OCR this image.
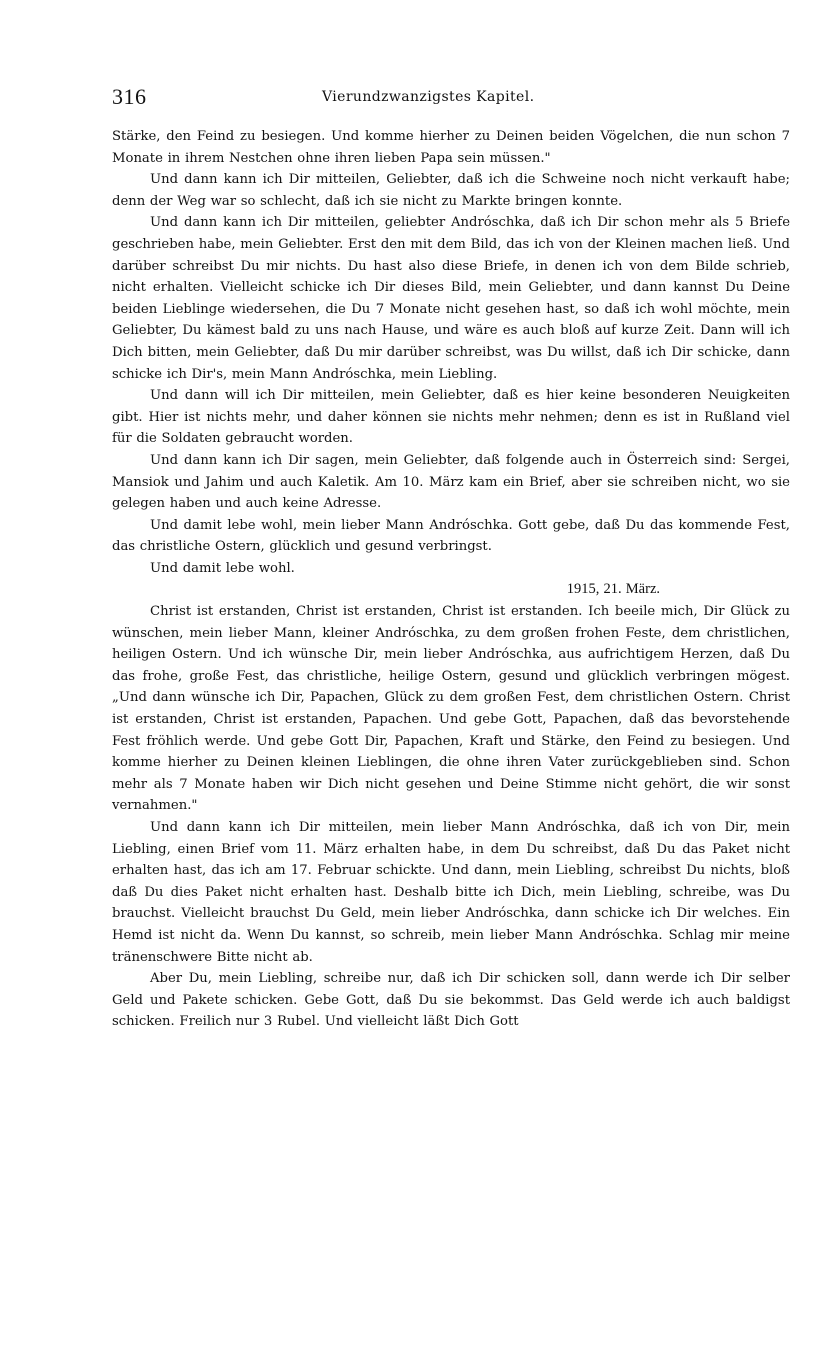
316	Vierundzwanzigstes Kapitel.

Stärke, den Feind zu besiegen. Und komme hierher zu Deinen beiden Vögelchen, die nun schon 7 Monate in ihrem Nestchen ohne ihren lieben Papa sein müssen."

Und dann kann ich Dir mitteilen, Geliebter, daß ich die Schweine noch nicht verkauft habe; denn der Weg war so schlecht, daß ich sie nicht zu Markte bringen konnte.

Und dann kann ich Dir mitteilen, geliebter Andróschka, daß ich Dir schon mehr als 5 Briefe geschrieben habe, mein Geliebter. Erst den mit dem Bild, das ich von der Kleinen machen ließ. Und darüber schreibst Du mir nichts. Du hast also diese Briefe, in denen ich von dem Bilde schrieb, nicht erhalten. Vielleicht schicke ich Dir dieses Bild, mein Geliebter, und dann kannst Du Deine beiden Lieblinge wiedersehen, die Du 7 Monate nicht gesehen hast, so daß ich wohl möchte, mein Geliebter, Du kämest bald zu uns nach Hause, und wäre es auch bloß auf kurze Zeit. Dann will ich Dich bitten, mein Geliebter, daß Du mir darüber schreibst, was Du willst, daß ich Dir schicke, dann schicke ich Dir's, mein Mann Andróschka, mein Liebling.

Und dann will ich Dir mitteilen, mein Geliebter, daß es hier keine besonderen Neuigkeiten gibt. Hier ist nichts mehr, und daher können sie nichts mehr nehmen; denn es ist in Rußland viel für die Soldaten gebraucht worden.

Und dann kann ich Dir sagen, mein Geliebter, daß folgende auch in Österreich sind: Sergei, Mansiok und Jahim und auch Kaletik. Am 10. März kam ein Brief, aber sie schreiben nicht, wo sie gelegen haben und auch keine Adresse.

Und damit lebe wohl, mein lieber Mann Andróschka. Gott gebe, daß Du das kommende Fest, das christliche Ostern, glücklich und gesund verbringst.

Und damit lebe wohl.

1915, 21. März.

Christ ist erstanden, Christ ist erstanden, Christ ist erstanden. Ich beeile mich, Dir Glück zu wünschen, mein lieber Mann, kleiner Andróschka, zu dem großen frohen Feste, dem christlichen, heiligen Ostern. Und ich wünsche Dir, mein lieber Andróschka, aus aufrichtigem Herzen, daß Du das frohe, große Fest, das christliche, heilige Ostern, gesund und glücklich verbringen mögest. „Und dann wünsche ich Dir, Papachen, Glück zu dem großen Fest, dem christlichen Ostern. Christ ist erstanden, Christ ist erstanden, Papachen. Und gebe Gott, Papachen, daß das bevorstehende Fest fröhlich werde. Und gebe Gott Dir, Papachen, Kraft und Stärke, den Feind zu besiegen. Und komme hierher zu Deinen kleinen Lieblingen, die ohne ihren Vater zurückgeblieben sind. Schon mehr als 7 Monate haben wir Dich nicht gesehen und Deine Stimme nicht gehört, die wir sonst vernahmen."

Und dann kann ich Dir mitteilen, mein lieber Mann Andróschka, daß ich von Dir, mein Liebling, einen Brief vom 11. März erhalten habe, in dem Du schreibst, daß Du das Paket nicht erhalten hast, das ich am 17. Februar schickte. Und dann, mein Liebling, schreibst Du nichts, bloß daß Du dies Paket nicht erhalten hast. Deshalb bitte ich Dich, mein Liebling, schreibe, was Du brauchst. Vielleicht brauchst Du Geld, mein lieber Andróschka, dann schicke ich Dir welches. Ein Hemd ist nicht da. Wenn Du kannst, so schreib, mein lieber Mann Andróschka. Schlag mir meine tränenschwere Bitte nicht ab.

Aber Du, mein Liebling, schreibe nur, daß ich Dir schicken soll, dann werde ich Dir selber Geld und Pakete schicken. Gebe Gott, daß Du sie bekommst. Das Geld werde ich auch baldigst schicken. Freilich nur 3 Rubel. Und vielleicht läßt Dich Gott
